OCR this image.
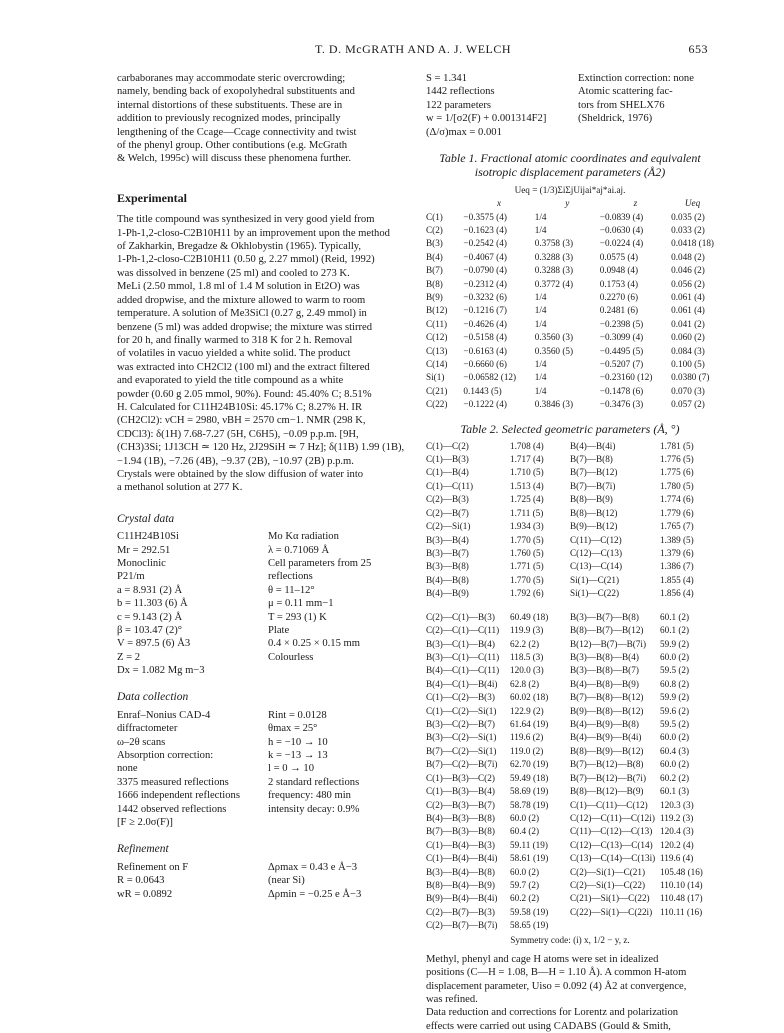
T. D. McGRATH AND A. J. WELCH	653
carbaboranes may accommodate steric overcrowding;
namely, bending back of exopolyhedral substituents and
internal distortions of these substituents. These are in
addition to previously recognized modes, principally
lengthening of the Ccage—Ccage connectivity and twist
of the phenyl group. Other contibutions (e.g. McGrath
& Welch, 1995c) will discuss these phenomena further.

Experimental

The title compound was synthesized in very good yield from
1-Ph-1,2-closo-C2B10H11 by an improvement upon the method
of Zakharkin, Bregadze & Okhlobystin (1965). Typically,
1-Ph-1,2-closo-C2B10H11 (0.50 g, 2.27 mmol) (Reid, 1992)
was dissolved in benzene (25 ml) and cooled to 273 K.
MeLi (2.50 mmol, 1.8 ml of 1.4 M solution in Et2O) was
added dropwise, and the mixture allowed to warm to room
temperature. A solution of Me3SiCl (0.27 g, 2.49 mmol) in
benzene (5 ml) was added dropwise; the mixture was stirred
for 20 h, and finally warmed to 318 K for 2 h. Removal
of volatiles in vacuo yielded a white solid. The product
was extracted into CH2Cl2 (100 ml) and the extract filtered
and evaporated to yield the title compound as a white
powder (0.60 g 2.05 mmol, 90%). Found: 45.40% C; 8.51%
H. Calculated for C11H24B10Si: 45.17% C; 8.27% H. IR
(CH2Cl2): νCH = 2980, νBH = 2570 cm−1. NMR (298 K,
CDCl3): δ(1H) 7.68-7.27 (5H, C6H5), −0.09 p.p.m. [9H,
(CH3)3Si; 1J13CH ≃ 120 Hz, 2J29SiH ≃ 7 Hz]; δ(11B) 1.99 (1B),
−1.94 (1B), −7.26 (4B), −9.37 (2B), −10.97 (2B) p.p.m.
Crystals were obtained by the slow diffusion of water into
a methanol solution at 277 K.

Crystal data

C11H24B10Si	Mo Kα radiation
Mr = 292.51	λ = 0.71069 Å
Monoclinic	Cell parameters from 25
P21/m	reflections
a = 8.931 (2) Å	θ = 11–12°
b = 11.303 (6) Å	μ = 0.11 mm−1
c = 9.143 (2) Å	T = 293 (1) K
β = 103.47 (2)°	Plate
V = 897.5 (6) Å3	0.4 × 0.25 × 0.15 mm
Z = 2	Colourless
Dx = 1.082 Mg m−3

Data collection

Enraf–Nonius CAD-4	Rint = 0.0128
diffractometer	θmax = 25°
ω–2θ scans	h = −10 → 10
Absorption correction:	k = −13 → 13
none	l = 0 → 10
3375 measured reflections	2 standard reflections
1666 independent reflections	frequency: 480 min
1442 observed reflections	intensity decay: 0.9%
[F ≥ 2.0σ(F)]

Refinement

Refinement on F	Δρmax = 0.43 e Å−3
R = 0.0643	(near Si)
wR = 0.0892	Δρmin = −0.25 e Å−3
S = 1.341	Extinction correction: none
1442 reflections	Atomic scattering fac-
122 parameters	tors from SHELX76
w = 1/[σ2(F) + 0.001314F2]	(Sheldrick, 1976)
(Δ/σ)max = 0.001
Table 1. Fractional atomic coordinates and equivalent
isotropic displacement parameters (Å2)
Ueq = (1/3)ΣiΣjUijai*aj*ai.aj.
	x	y	z	Ueq
C(1)	−0.3575 (4)	1/4	−0.0839 (4)	0.035 (2)
C(2)	−0.1623 (4)	1/4	−0.0630 (4)	0.033 (2)
B(3)	−0.2542 (4)	0.3758 (3)	−0.0224 (4)	0.0418 (18)
B(4)	−0.4067 (4)	0.3288 (3)	0.0575 (4)	0.048 (2)
B(7)	−0.0790 (4)	0.3288 (3)	0.0948 (4)	0.046 (2)
B(8)	−0.2312 (4)	0.3772 (4)	0.1753 (4)	0.056 (2)
B(9)	−0.3232 (6)	1/4	0.2270 (6)	0.061 (4)
B(12)	−0.1216 (7)	1/4	0.2481 (6)	0.061 (4)
C(11)	−0.4626 (4)	1/4	−0.2398 (5)	0.041 (2)
C(12)	−0.5158 (4)	0.3560 (3)	−0.3099 (4)	0.060 (2)
C(13)	−0.6163 (4)	0.3560 (5)	−0.4495 (5)	0.084 (3)
C(14)	−0.6660 (6)	1/4	−0.5207 (7)	0.100 (5)
Si(1)	−0.06582 (12)	1/4	−0.23160 (12)	0.0380 (7)
C(21)	0.1443 (5)	1/4	−0.1478 (6)	0.070 (3)
C(22)	−0.1222 (4)	0.3846 (3)	−0.3476 (3)	0.057 (2)
Table 2. Selected geometric parameters (Å, °)
C(1)—C(2)	1.708 (4)	B(4)—B(4i)	1.781 (5)
C(1)—B(3)	1.717 (4)	B(7)—B(8)	1.776 (5)
C(1)—B(4)	1.710 (5)	B(7)—B(12)	1.775 (6)
C(1)—C(11)	1.513 (4)	B(7)—B(7i)	1.780 (5)
C(2)—B(3)	1.725 (4)	B(8)—B(9)	1.774 (6)
C(2)—B(7)	1.711 (5)	B(8)—B(12)	1.779 (6)
C(2)—Si(1)	1.934 (3)	B(9)—B(12)	1.765 (7)
B(3)—B(4)	1.770 (5)	C(11)—C(12)	1.389 (5)
B(3)—B(7)	1.760 (5)	C(12)—C(13)	1.379 (6)
B(3)—B(8)	1.771 (5)	C(13)—C(14)	1.386 (7)
B(4)—B(8)	1.770 (5)	Si(1)—C(21)	1.855 (4)
B(4)—B(9)	1.792 (6)	Si(1)—C(22)	1.856 (4)

C(2)—C(1)—B(3)	60.49 (18)	B(3)—B(7)—B(8)	60.1 (2)
C(2)—C(1)—C(11)	119.9 (3)	B(8)—B(7)—B(12)	60.1 (2)
B(3)—C(1)—B(4)	62.2 (2)	B(12)—B(7)—B(7i)	59.9 (2)
B(3)—C(1)—C(11)	118.5 (3)	B(3)—B(8)—B(4)	60.0 (2)
B(4)—C(1)—C(11)	120.0 (3)	B(3)—B(8)—B(7)	59.5 (2)
B(4)—C(1)—B(4i)	62.8 (2)	B(4)—B(8)—B(9)	60.8 (2)
C(1)—C(2)—B(3)	60.02 (18)	B(7)—B(8)—B(12)	59.9 (2)
C(1)—C(2)—Si(1)	122.9 (2)	B(9)—B(8)—B(12)	59.6 (2)
B(3)—C(2)—B(7)	61.64 (19)	B(4)—B(9)—B(8)	59.5 (2)
B(3)—C(2)—Si(1)	119.6 (2)	B(4)—B(9)—B(4i)	60.0 (2)
B(7)—C(2)—Si(1)	119.0 (2)	B(8)—B(9)—B(12)	60.4 (3)
B(7)—C(2)—B(7i)	62.70 (19)	B(7)—B(12)—B(8)	60.0 (2)
C(1)—B(3)—C(2)	59.49 (18)	B(7)—B(12)—B(7i)	60.2 (2)
C(1)—B(3)—B(4)	58.69 (19)	B(8)—B(12)—B(9)	60.1 (3)
C(2)—B(3)—B(7)	58.78 (19)	C(1)—C(11)—C(12)	120.3 (3)
B(4)—B(3)—B(8)	60.0 (2)	C(12)—C(11)—C(12i)	119.2 (3)
B(7)—B(3)—B(8)	60.4 (2)	C(11)—C(12)—C(13)	120.4 (3)
C(1)—B(4)—B(3)	59.11 (19)	C(12)—C(13)—C(14)	120.2 (4)
C(1)—B(4)—B(4i)	58.61 (19)	C(13)—C(14)—C(13i)	119.6 (4)
B(3)—B(4)—B(8)	60.0 (2)	C(2)—Si(1)—C(21)	105.48 (16)
B(8)—B(4)—B(9)	59.7 (2)	C(2)—Si(1)—C(22)	110.10 (14)
B(9)—B(4)—B(4i)	60.2 (2)	C(21)—Si(1)—C(22)	110.48 (17)
C(2)—B(7)—B(3)	59.58 (19)	C(22)—Si(1)—C(22i)	110.11 (16)
C(2)—B(7)—B(7i)	58.65 (19)		
Symmetry code: (i) x, 1/2 − y, z.
Methyl, phenyl and cage H atoms were set in idealized
positions (C—H = 1.08, B—H = 1.10 Å). A common H-atom
displacement parameter, Uiso = 0.092 (4) Å2 at convergence,
was refined.
Data reduction and corrections for Lorentz and polarization
effects were carried out using CADABS (Gould & Smith,
